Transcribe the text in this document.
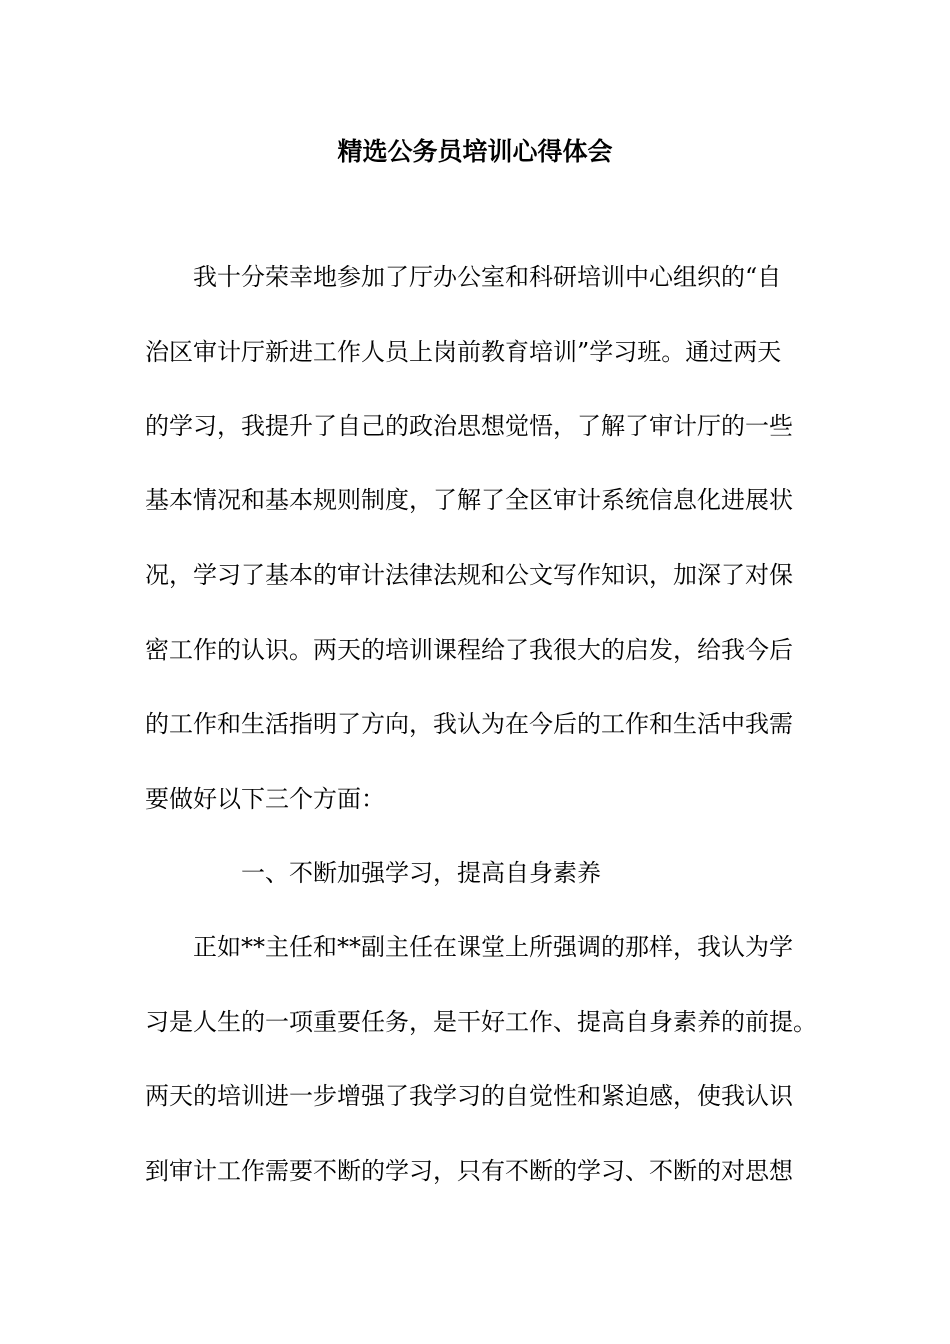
精选公务员培训心得体会
我十分荣幸地参加了厅办公室和科研培训中心组织的“自
治区审计厅新进工作人员上岗前教育培训”学习班。通过两天
的学习，我提升了自己的政治思想觉悟，了解了审计厅的一些
基本情况和基本规则制度，了解了全区审计系统信息化进展状
况，学习了基本的审计法律法规和公文写作知识，加深了对保
密工作的认识。两天的培训课程给了我很大的启发，给我今后
的工作和生活指明了方向，我认为在今后的工作和生活中我需
要做好以下三个方面：
一、不断加强学习，提高自身素养
正如**主任和**副主任在课堂上所强调的那样，我认为学
习是人生的一项重要任务，是干好工作、提高自身素养的前提。
两天的培训进一步增强了我学习的自觉性和紧迫感，使我认识
到审计工作需要不断的学习，只有不断的学习、不断的对思想
